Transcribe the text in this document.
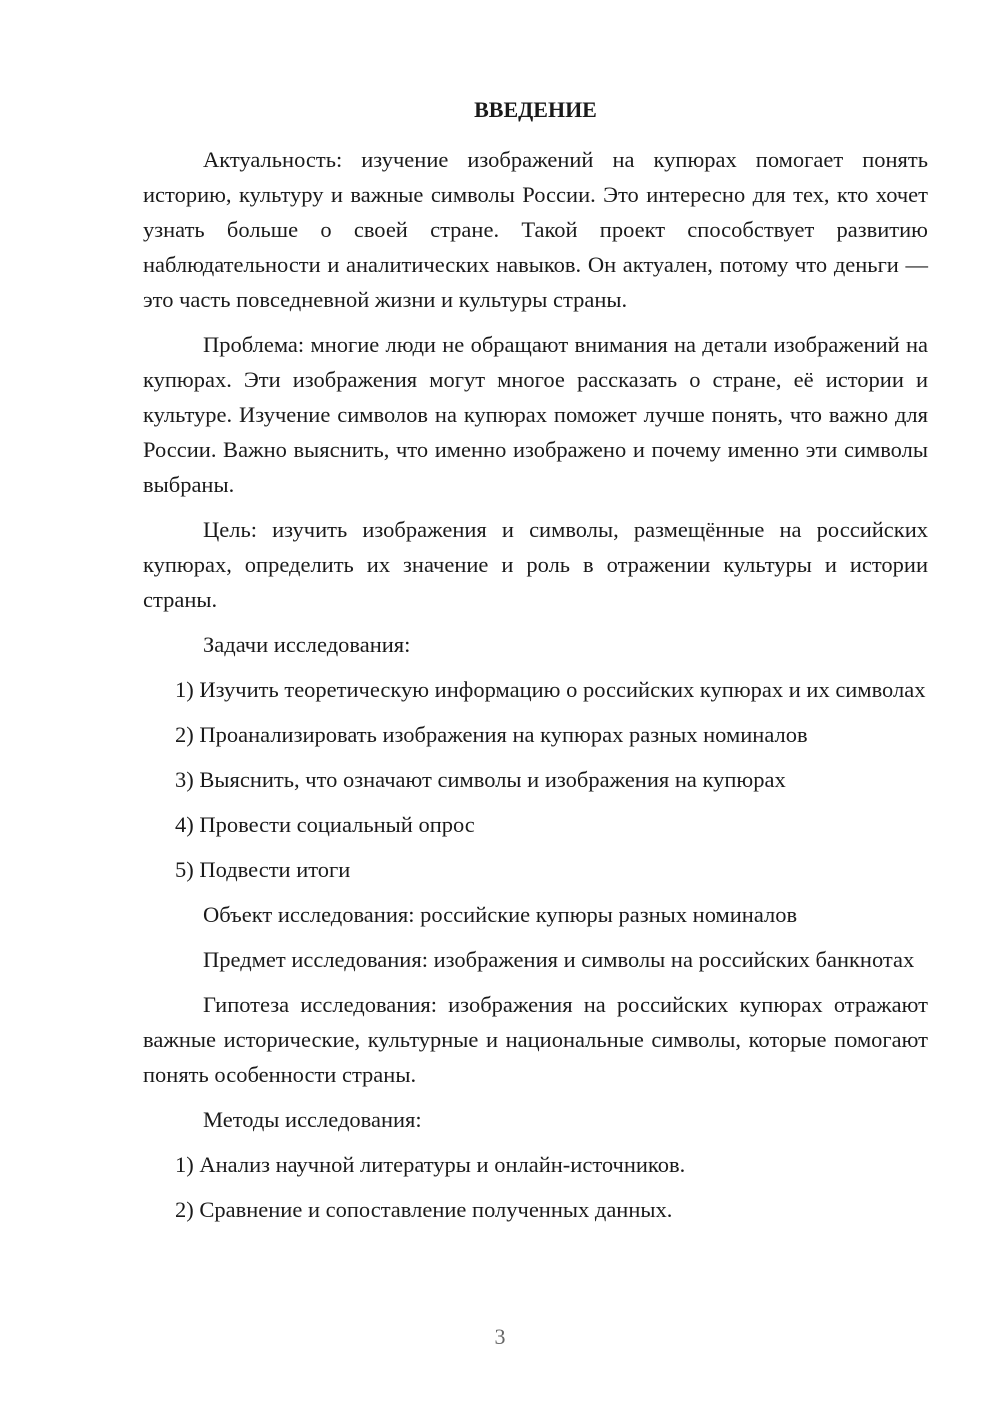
ВВЕДЕНИЕ

Актуальность: изучение изображений на купюрах помогает понять историю, культуру и важные символы России. Это интересно для тех, кто хочет узнать больше о своей стране. Такой проект способствует развитию наблюдательности и аналитических навыков. Он актуален, потому что деньги — это часть повседневной жизни и культуры страны.

Проблема: многие люди не обращают внимания на детали изображений на купюрах. Эти изображения могут многое рассказать о стране, её истории и культуре. Изучение символов на купюрах поможет лучше понять, что важно для России. Важно выяснить, что именно изображено и почему именно эти символы выбраны.

Цель: изучить изображения и символы, размещённые на российских купюрах, определить их значение и роль в отражении культуры и истории страны.

Задачи исследования:

1) Изучить теоретическую информацию о российских купюрах и их символах

2) Проанализировать изображения на купюрах разных номиналов

3) Выяснить, что означают символы и изображения на купюрах

4) Провести социальный опрос

5) Подвести итоги

Объект исследования: российские купюры разных номиналов

Предмет исследования: изображения и символы на российских банкнотах

Гипотеза исследования: изображения на российских купюрах отражают важные исторические, культурные и национальные символы, которые помогают понять особенности страны.

Методы исследования:

1) Анализ научной литературы и онлайн-источников.

2) Сравнение и сопоставление полученных данных.

3
